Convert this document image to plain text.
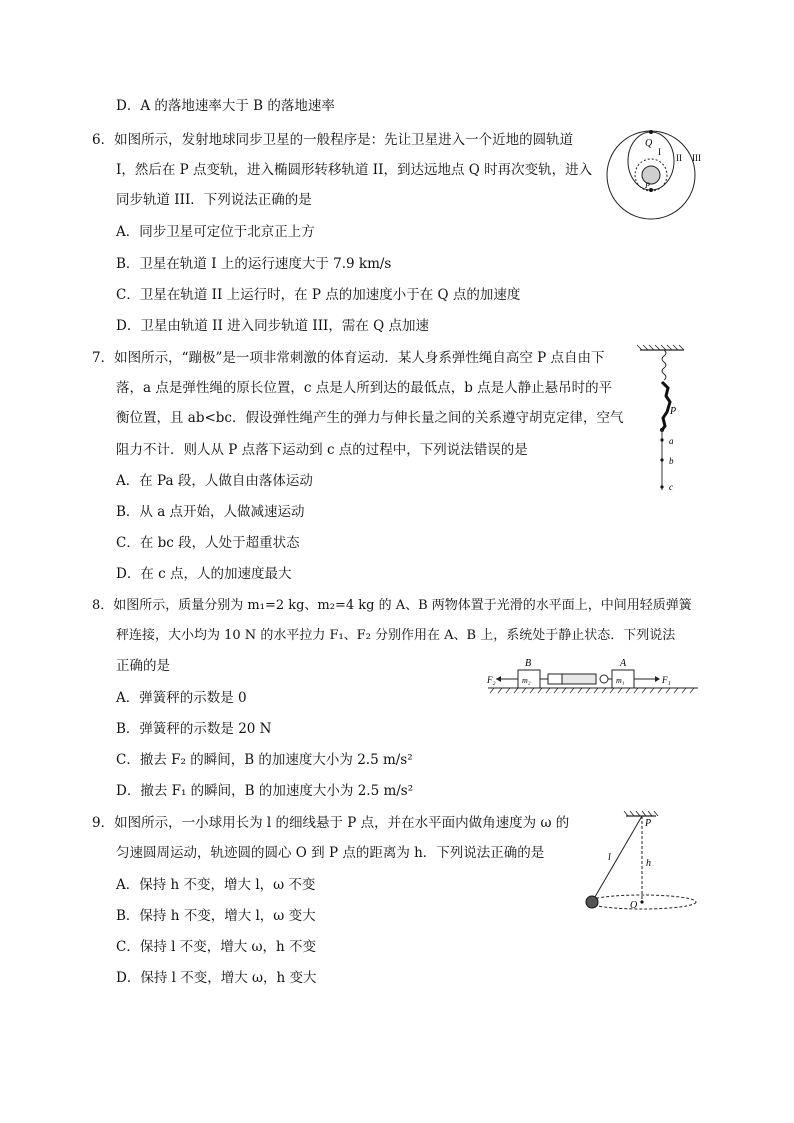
D．A 的落地速率大于 B 的落地速率
6．如图所示，发射地球同步卫星的一般程序是：先让卫星进入一个近地的圆轨道
I，然后在 P 点变轨，进入椭圆形转移轨道 II，到达远地点 Q 时再次变轨，进入
同步轨道 III．下列说法正确的是
A．同步卫星可定位于北京正上方
B．卫星在轨道 I 上的运行速度大于 7.9 km/s
C．卫星在轨道 II 上运行时，在 P 点的加速度小于在 Q 点的加速度
D．卫星由轨道 II 进入同步轨道 III，需在 Q 点加速
7．如图所示，“蹦极”是一项非常刺激的体育运动．某人身系弹性绳自高空 P 点自由下
落，a 点是弹性绳的原长位置，c 点是人所到达的最低点，b 点是人静止悬吊时的平
衡位置，且 ab<bc．假设弹性绳产生的弹力与伸长量之间的关系遵守胡克定律，空气
阻力不计．则人从 P 点落下运动到 c 点的过程中，下列说法错误的是
A．在 Pa 段，人做自由落体运动
B．从 a 点开始，人做减速运动
C．在 bc 段，人处于超重状态
D．在 c 点，人的加速度最大
8．如图所示，质量分别为 m₁=2 kg、m₂=4 kg 的 A、B 两物体置于光滑的水平面上，中间用轻质弹簧
秤连接，大小均为 10 N 的水平拉力 F₁、F₂ 分别作用在 A、B 上，系统处于静止状态．下列说法
正确的是
A．弹簧秤的示数是 0
B．弹簧秤的示数是 20 N
C．撤去 F₂ 的瞬间，B 的加速度大小为 2.5 m/s²
D．撤去 F₁ 的瞬间，B 的加速度大小为 2.5 m/s²
9．如图所示，一小球用长为 l 的细线悬于 P 点，并在水平面内做角速度为 ω 的
匀速圆周运动，轨迹圆的圆心 O 到 P 点的距离为 h．下列说法正确的是
A．保持 h 不变，增大 l，ω 不变
B．保持 h 不变，增大 l，ω 变大
C．保持 l 不变，增大 ω，h 不变
D．保持 l 不变，增大 ω，h 变大
Q
I
II III
P
P
a
b
c
B	A
m₂	m₁
F₂	F₁
P
l
h
O
